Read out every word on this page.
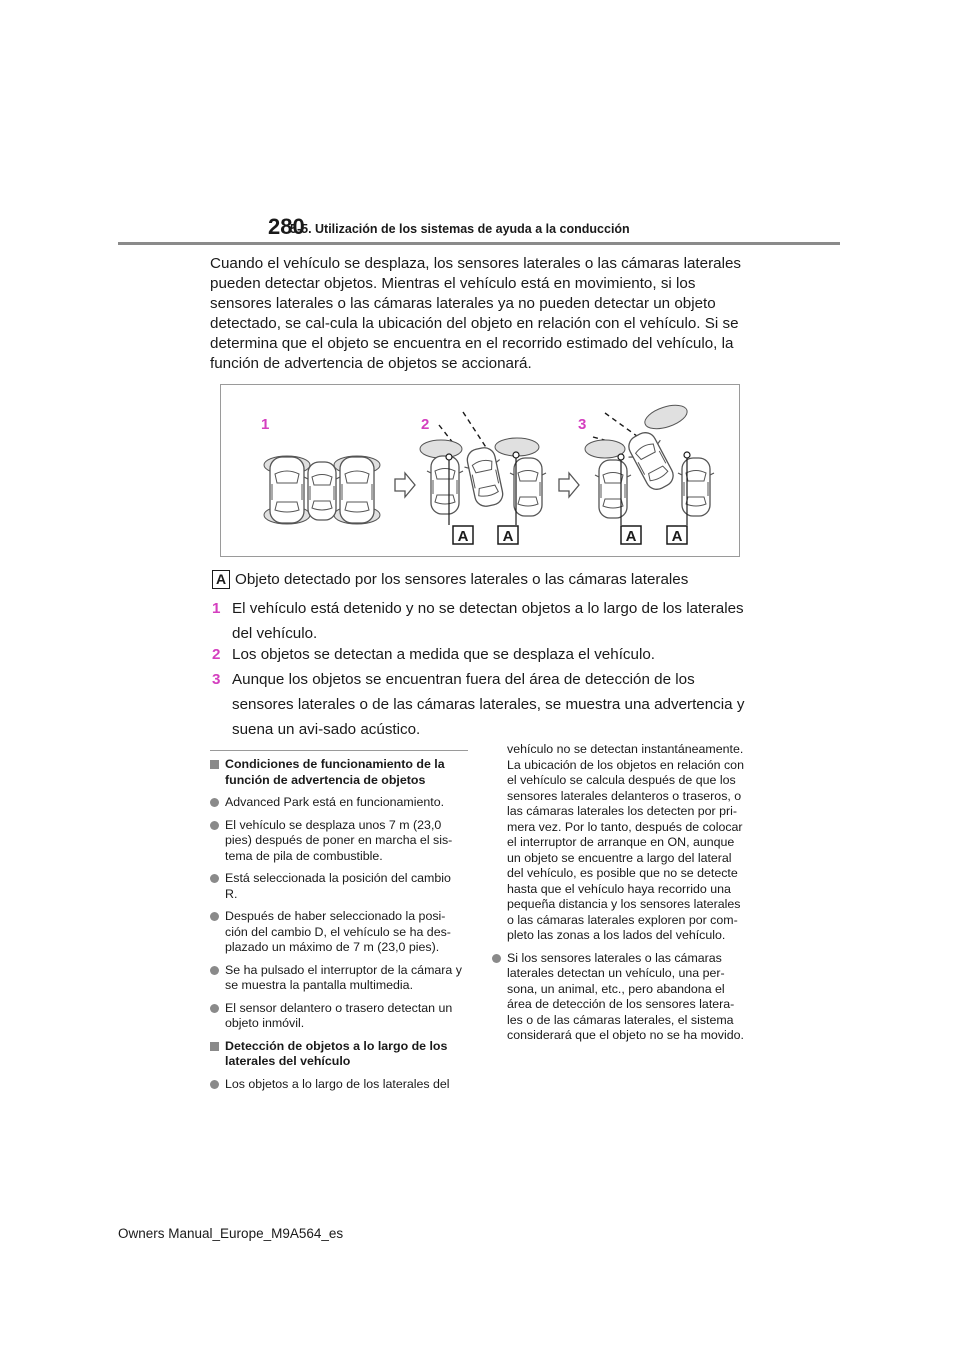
280
5-5. Utilización de los sistemas de ayuda a la conducción
Cuando el vehículo se desplaza, los sensores laterales o las cámaras laterales pueden detectar objetos. Mientras el vehículo está en movimiento, si los sensores laterales o las cámaras laterales ya no pueden detectar un objeto detectado, se cal-cula la ubicación del objeto en relación con el vehículo. Si se determina que el objeto se encuentra en el recorrido estimado del vehículo, la función de advertencia de objetos se accionará.
1	2	3
A A	A A
A Objeto detectado por los sensores laterales o las cámaras laterales
1 El vehículo está detenido y no se detectan objetos a lo largo de los laterales del vehículo.
2 Los objetos se detectan a medida que se desplaza el vehículo.
3 Aunque los objetos se encuentran fuera del área de detección de los sensores laterales o de las cámaras laterales, se muestra una advertencia y suena un avi-sado acústico.
Condiciones de funcionamiento de la función de advertencia de objetos
Advanced Park está en funcionamiento.
El vehículo se desplaza unos 7 m (23,0 pies) después de poner en marcha el sis-tema de pila de combustible.
Está seleccionada la posición del cambio R.
Después de haber seleccionado la posi-ción del cambio D, el vehículo se ha des-plazado un máximo de 7 m (23,0 pies).
Se ha pulsado el interruptor de la cámara y se muestra la pantalla multimedia.
El sensor delantero o trasero detectan un objeto inmóvil.
Detección de objetos a lo largo de los laterales del vehículo
Los objetos a lo largo de los laterales del
vehículo no se detectan instantáneamente. La ubicación de los objetos en relación con el vehículo se calcula después de que los sensores laterales delanteros o traseros, o las cámaras laterales los detecten por pri-mera vez. Por lo tanto, después de colocar el interruptor de arranque en ON, aunque un objeto se encuentre a largo del lateral del vehículo, es posible que no se detecte hasta que el vehículo haya recorrido una pequeña distancia y los sensores laterales o las cámaras laterales exploren por com-pleto las zonas a los lados del vehículo.
Si los sensores laterales o las cámaras laterales detectan un vehículo, una per-sona, un animal, etc., pero abandona el área de detección de los sensores latera-les o de las cámaras laterales, el sistema considerará que el objeto no se ha movido.
Owners Manual_Europe_M9A564_es
